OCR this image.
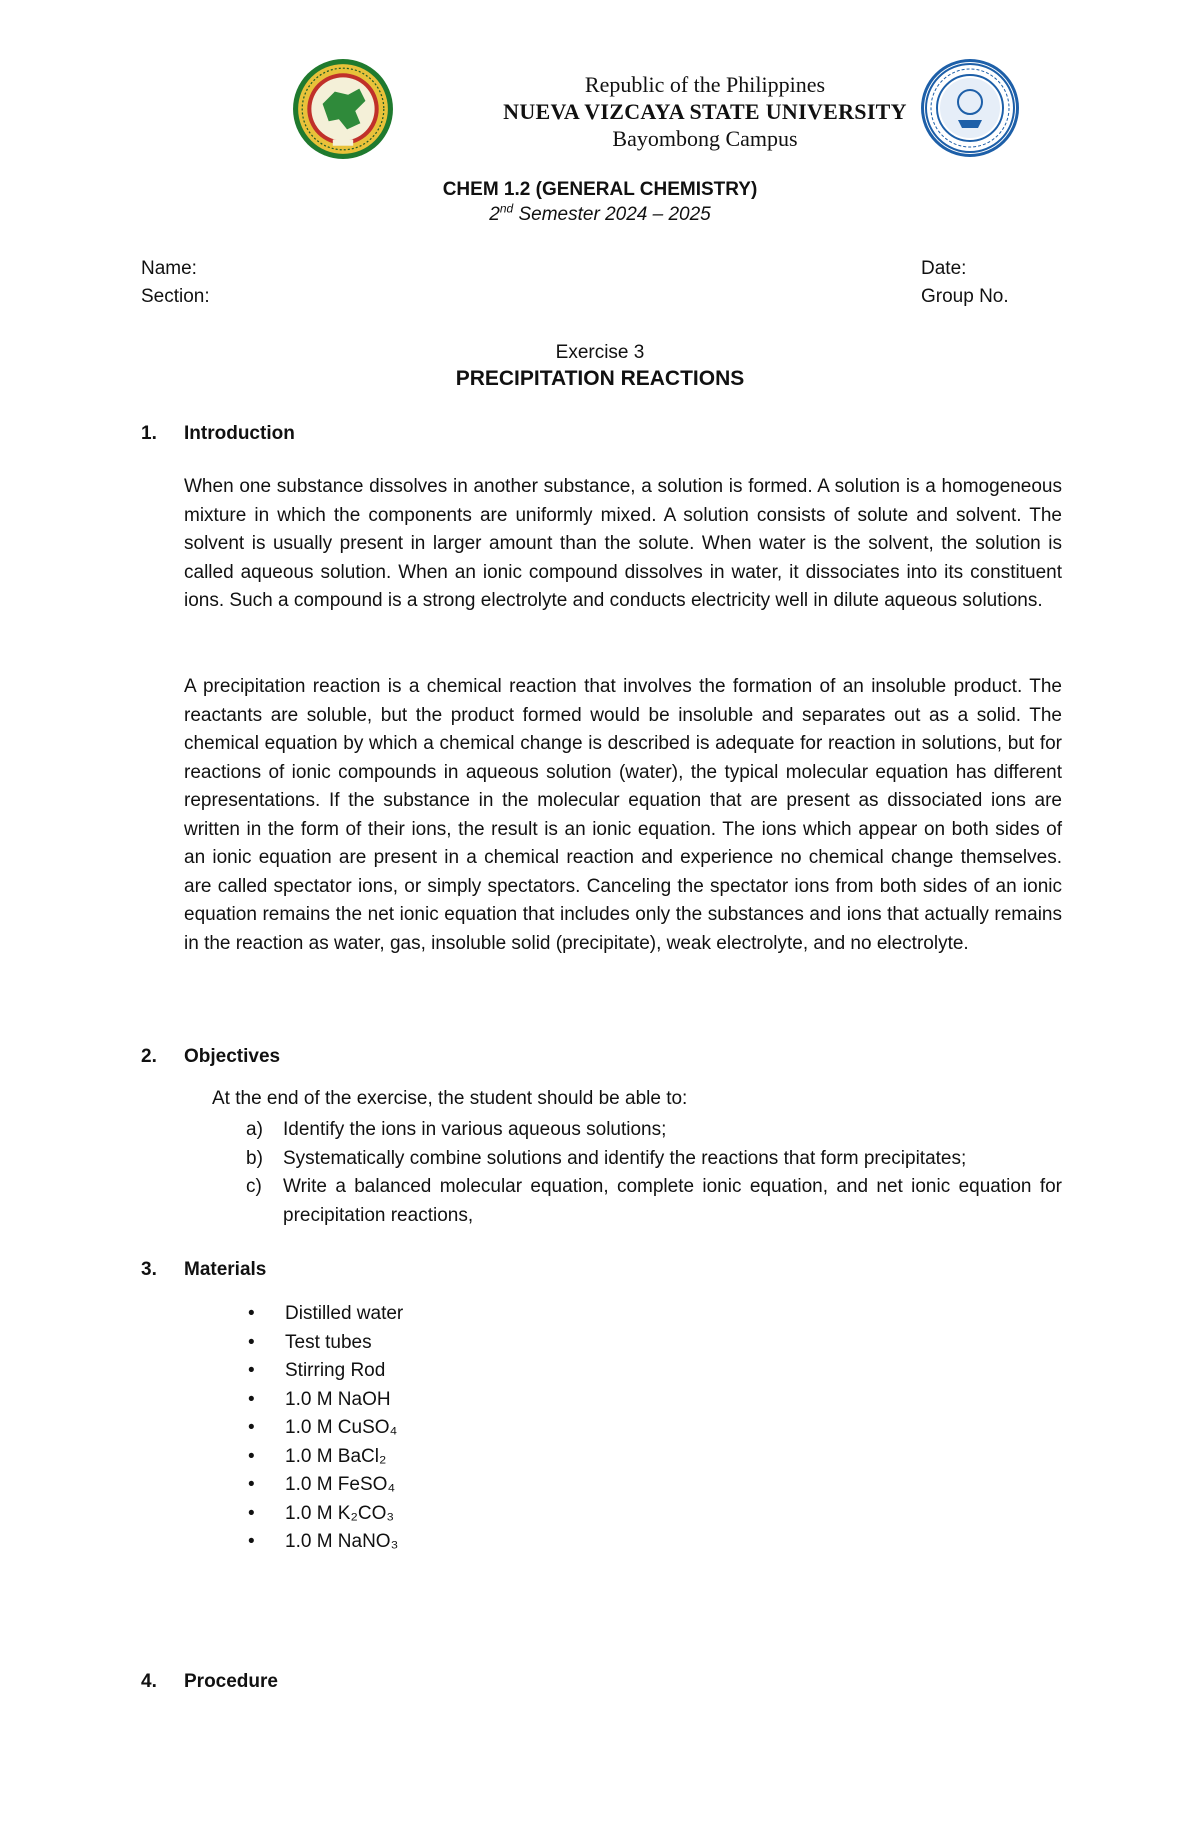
Republic of the Philippines
NUEVA VIZCAYA STATE UNIVERSITY
Bayombong Campus
CHEM 1.2 (GENERAL CHEMISTRY)
2nd Semester 2024 – 2025
Name:
Section:
Date:
Group No.
Exercise 3
PRECIPITATION REACTIONS
1. Introduction

When one substance dissolves in another substance, a solution is formed. A solution is a homogeneous mixture in which the components are uniformly mixed. A solution consists of solute and solvent. The solvent is usually present in larger amount than the solute. When water is the solvent, the solution is called aqueous solution. When an ionic compound dissolves in water, it dissociates into its constituent ions. Such a compound is a strong electrolyte and conducts electricity well in dilute aqueous solutions.

A precipitation reaction is a chemical reaction that involves the formation of an insoluble product. The reactants are soluble, but the product formed would be insoluble and separates out as a solid. The chemical equation by which a chemical change is described is adequate for reaction in solutions, but for reactions of ionic compounds in aqueous solution (water), the typical molecular equation has different representations. If the substance in the molecular equation that are present as dissociated ions are written in the form of their ions, the result is an ionic equation. The ions which appear on both sides of an ionic equation are present in a chemical reaction and experience no chemical change themselves. are called spectator ions, or simply spectators. Canceling the spectator ions from both sides of an ionic equation remains the net ionic equation that includes only the substances and ions that actually remains in the reaction as water, gas, insoluble solid (precipitate), weak electrolyte, and no electrolyte.

2. Objectives
At the end of the exercise, the student should be able to:
a)	Identify the ions in various aqueous solutions;
b)	Systematically combine solutions and identify the reactions that form precipitates;
c)	Write a balanced molecular equation, complete ionic equation, and net ionic equation for precipitation reactions,
3. Materials
•	Distilled water
•	Test tubes
•	Stirring Rod
•	1.0 M NaOH
•	1.0 M CuSO₄
•	1.0 M BaCl₂
•	1.0 M FeSO₄
•	1.0 M K₂CO₃
•	1.0 M NaNO₃
4. Procedure
